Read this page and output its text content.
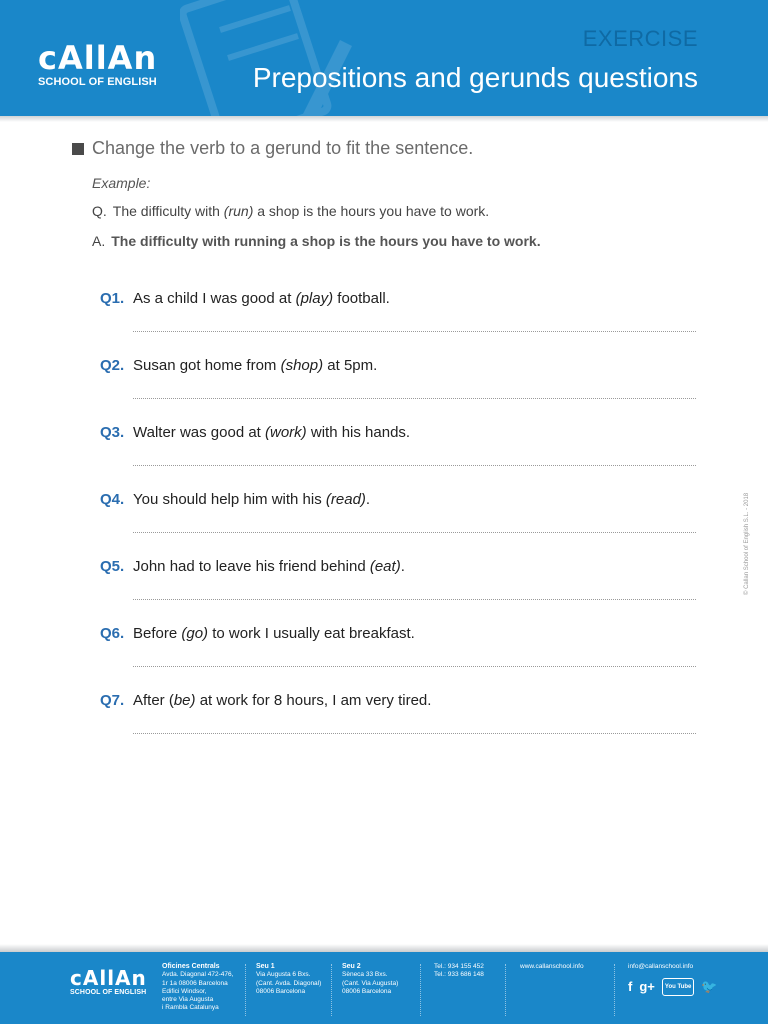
cAllAn
SCHOOL OF ENGLISH
EXERCISE
Prepositions and gerunds questions
Change the verb to a gerund to fit the sentence.
Example:
Q. The difficulty with (run) a shop is the hours you have to work.
A. The difficulty with running a shop is the hours you have to work.
Q1. As a child I was good at (play) football.
Q2. Susan got home from (shop) at 5pm.
Q3. Walter was good at (work) with his hands.
Q4. You should help him with his (read).
Q5. John had to leave his friend behind (eat).
Q6. Before (go) to work I usually eat breakfast.
Q7. After (be) at work for 8 hours, I am very tired.
© Callan School of English S.L. - 2018
cAllAn
SCHOOL OF ENGLISH
Oficines Centrals
Avda. Diagonal 472-476,
1r 1a 08006 Barcelona
Edifici Windsor,
entre Via Augusta
i Rambla Catalunya
Seu 1
Via Augusta 6 Bxs.
(Cant. Avda. Diagonal)
08006 Barcelona
Seu 2
Sèneca 33 Bxs.
(Cant. Via Augusta)
08006 Barcelona
Tel.: 934 155 452
Tel.: 933 686 148
www.callanschool.info	info@callanschool.info
f g+	You Tube 🐦
